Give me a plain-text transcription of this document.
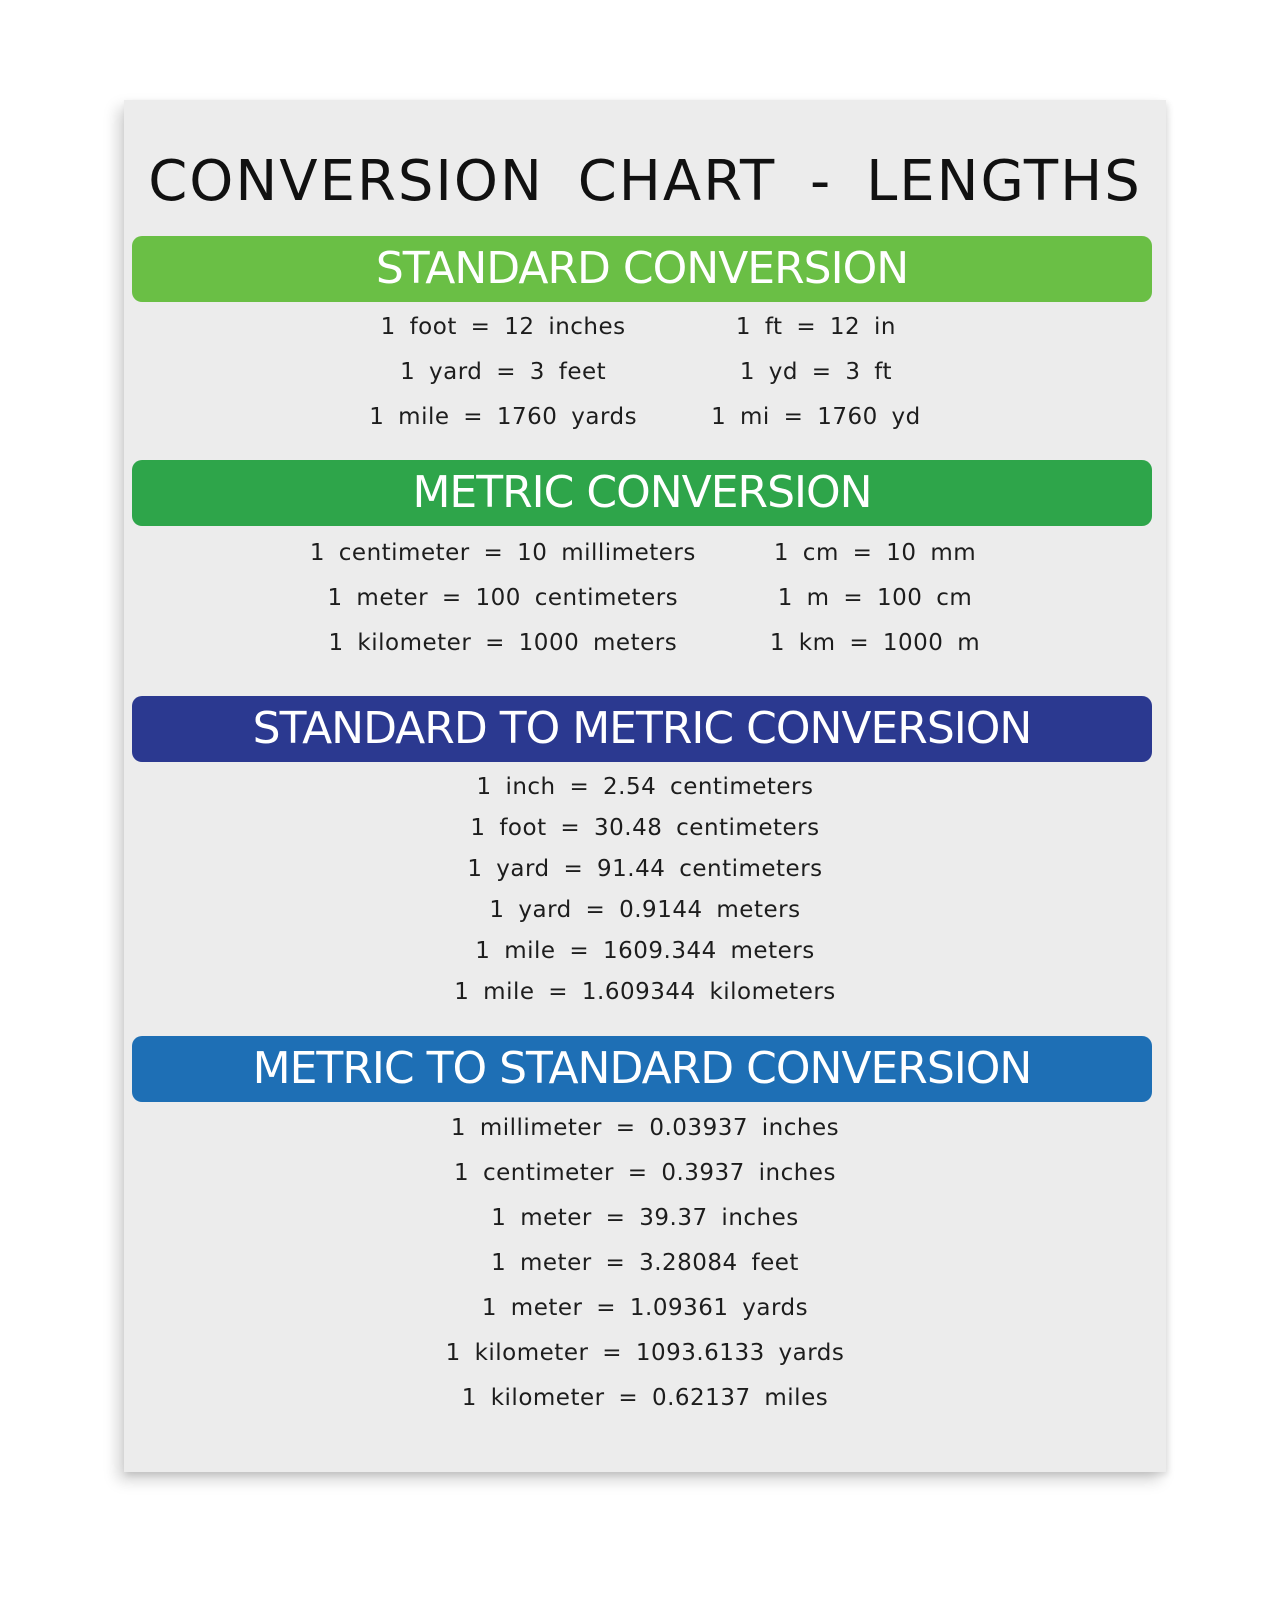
CONVERSION CHART - LENGTHS
STANDARD CONVERSION
1 foot = 12 inches
1 yard = 3 feet
1 mile = 1760 yards
1 ft = 12 in
1 yd = 3 ft
1 mi = 1760 yd
METRIC CONVERSION
1 centimeter = 10 millimeters
1 meter = 100 centimeters
1 kilometer = 1000 meters
1 cm = 10 mm
1 m = 100 cm
1 km = 1000 m
STANDARD TO METRIC CONVERSION
1 inch = 2.54 centimeters
1 foot = 30.48 centimeters
1 yard = 91.44 centimeters
1 yard = 0.9144 meters
1 mile = 1609.344 meters
1 mile = 1.609344 kilometers
METRIC TO STANDARD CONVERSION
1 millimeter = 0.03937 inches
1 centimeter = 0.3937 inches
1 meter = 39.37 inches
1 meter = 3.28084 feet
1 meter = 1.09361 yards
1 kilometer = 1093.6133 yards
1 kilometer = 0.62137 miles
